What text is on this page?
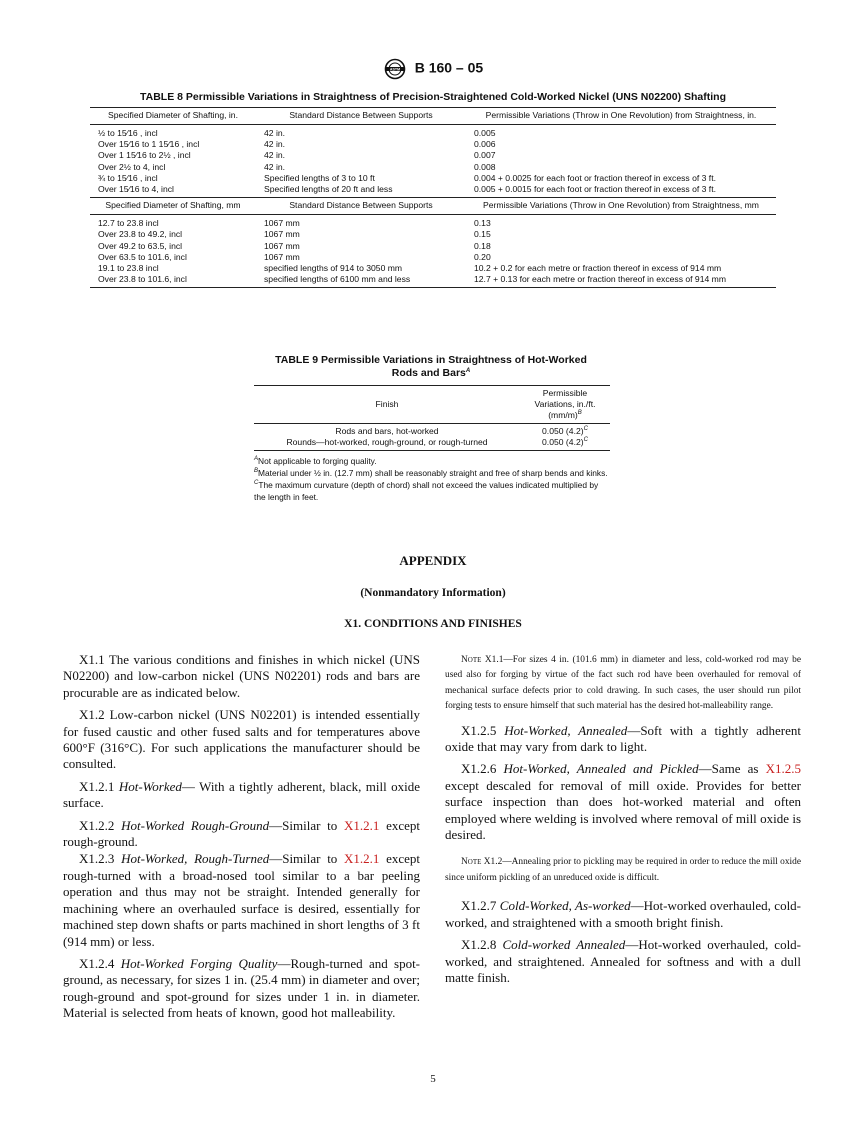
ASTM B 160 – 05
TABLE 8 Permissible Variations in Straightness of Precision-Straightened Cold-Worked Nickel (UNS N02200) Shafting
Specified Diameter of Shafting, in.	Standard Distance Between Supports	Permissible Variations (Throw in One Revolution) from Straightness, in.
½ to 15⁄16 , incl	42 in.	0.005
Over 15⁄16 to 1 15⁄16 , incl	42 in.	0.006
Over 1 15⁄16 to 2½ , incl	42 in.	0.007
Over 2½ to 4, incl	42 in.	0.008
¾ to 15⁄16 , incl	Specified lengths of 3 to 10 ft	0.004 + 0.0025 for each foot or fraction thereof in excess of 3 ft.
Over 15⁄16 to 4, incl	Specified lengths of 20 ft and less	0.005 + 0.0015 for each foot or fraction thereof in excess of 3 ft.
Specified Diameter of Shafting, mm	Standard Distance Between Supports	Permissible Variations (Throw in One Revolution) from Straightness, mm
12.7 to 23.8 incl	1067 mm	0.13
Over 23.8 to 49.2, incl	1067 mm	0.15
Over 49.2 to 63.5, incl	1067 mm	0.18
Over 63.5 to 101.6, incl	1067 mm	0.20
19.1 to 23.8 incl	specified lengths of 914 to 3050 mm	10.2 + 0.2 for each metre or fraction thereof in excess of 914 mm
Over 23.8 to 101.6, incl	specified lengths of 6100 mm and less	12.7 + 0.13 for each metre or fraction thereof in excess of 914 mm
TABLE 9 Permissible Variations in Straightness of Hot-Worked
Rods and Bars$^A$
Finish	Permissible
Variations, in./ft.
$(mm/m)^B$

Rods and bars, hot-worked	0.050 $(4.2)^C$
Rounds—hot-worked, rough-ground, or rough-turned	0.050 $(4.2)^C$

$^A$Not applicable to forging quality.

$^B$Material under ½ in. (12.7 mm) shall be reasonably straight and free of sharp bends and kinks.

$^C$The maximum curvature (depth of chord) shall not exceed the values indicated multiplied by the length in feet.

APPENDIX
(Nonmandatory Information)
X1. CONDITIONS AND FINISHES

X1.1 The various conditions and finishes in which nickel (UNS N02200) and low-carbon nickel (UNS N02201) rods and bars are procurable are as indicated below.

X1.2 Low-carbon nickel (UNS N02201) is intended essentially for fused caustic and other fused salts and for temperatures above 600°F (316°C). For such applications the manufacturer should be consulted.

X1.2.1 Hot-Worked— With a tightly adherent, black, mill oxide surface.

X1.2.2 Hot-Worked Rough-Ground—Similar to X1.2.1 except rough-ground.

X1.2.3 Hot-Worked, Rough-Turned—Similar to X1.2.1 except rough-turned with a broad-nosed tool similar to a bar peeling operation and thus may not be straight. Intended generally for machining where an overhauled surface is desired, essentially for machined step down shafts or parts machined in short lengths of 3 ft (914 mm) or less.

X1.2.4 Hot-Worked Forging Quality—Rough-turned and spot-ground, as necessary, for sizes 1 in. (25.4 mm) in diameter and over; rough-ground and spot-ground for sizes under 1 in. in diameter. Material is selected from heats of known, good hot malleability.

Note X1.1—For sizes 4 in. (101.6 mm) in diameter and less, cold-worked rod may be used also for forging by virtue of the fact such rod have been overhauled for removal of mechanical surface defects prior to cold drawing. In such cases, the user should run pilot forging tests to ensure himself that such material has the desired hot-malleability range.

X1.2.5 Hot-Worked, Annealed—Soft with a tightly adherent oxide that may vary from dark to light.

X1.2.6 Hot-Worked, Annealed and Pickled—Same as X1.2.5 except descaled for removal of mill oxide. Provides for better surface inspection than does hot-worked material and often employed where welding is involved where removal of mill oxide is desired.

Note X1.2—Annealing prior to pickling may be required in order to reduce the mill oxide since uniform pickling of an unreduced oxide is difficult.

X1.2.7 Cold-Worked, As-worked—Hot-worked overhauled, cold-worked, and straightened with a smooth bright finish.

X1.2.8 Cold-worked Annealed—Hot-worked overhauled, cold-worked, and straightened. Annealed for softness and with a dull matte finish.

5
